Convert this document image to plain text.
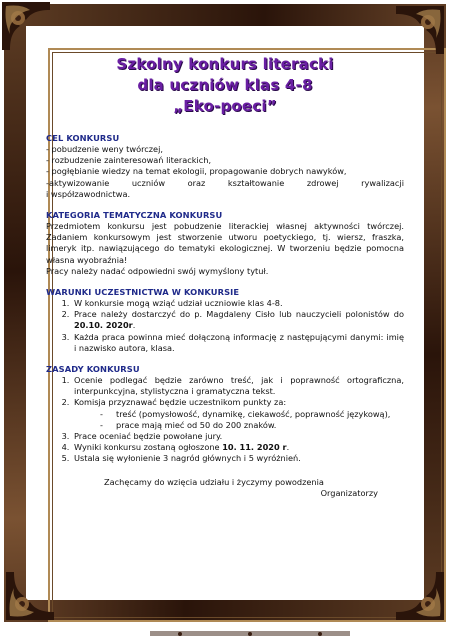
Szkolny konkurs literacki
dla uczniów klas 4-8
„Eko-poeci”
CEL KONKURSU
- pobudzenie weny twórczej,
- rozbudzenie zainteresowań literackich,
- pogłębianie wiedzy na temat ekologii, propagowanie dobrych nawyków,
-aktywizowanie uczniów oraz kształtowanie zdrowej rywalizacji
i współzawodnictwa.
KATEGORIA TEMATYCZNA KONKURSU
Przedmiotem konkursu jest pobudzenie literackiej własnej aktywności twórczej. Zadaniem konkursowym jest stworzenie utworu poetyckiego, tj. wiersz, fraszka, limeryk itp. nawiązującego do tematyki ekologicznej. W tworzeniu będzie pomocna własna wyobraźnia!
Pracy należy nadać odpowiedni swój wymyślony tytuł.
WARUNKI UCZESTNICTWA W KONKURSIE
1. W konkursie mogą wziąć udział uczniowie klas 4-8.
2. Prace należy dostarczyć do p. Magdaleny Cisło lub nauczycieli polonistów do 20.10. 2020r.
3. Każda praca powinna mieć dołączoną informację z następującymi danymi: imię i nazwisko autora, klasa.
ZASADY KONKURSU
1. Ocenie podlegać będzie zarówno treść, jak i poprawność ortograficzna, interpunkcyjna, stylistyczna i gramatyczna tekst.
2. Komisja przyznawać będzie uczestnikom punkty za:
- treść (pomysłowość, dynamikę, ciekawość, poprawność językową),
- prace mają mieć od 50 do 200 znaków.
3. Prace oceniać będzie powołane jury.
4. Wyniki konkursu zostaną ogłoszone 10. 11. 2020 r.
5. Ustala się wyłonienie 3 nagród głównych i 5 wyróżnień.
Zachęcamy do wzięcia udziału i życzymy powodzenia
Organizatorzy
